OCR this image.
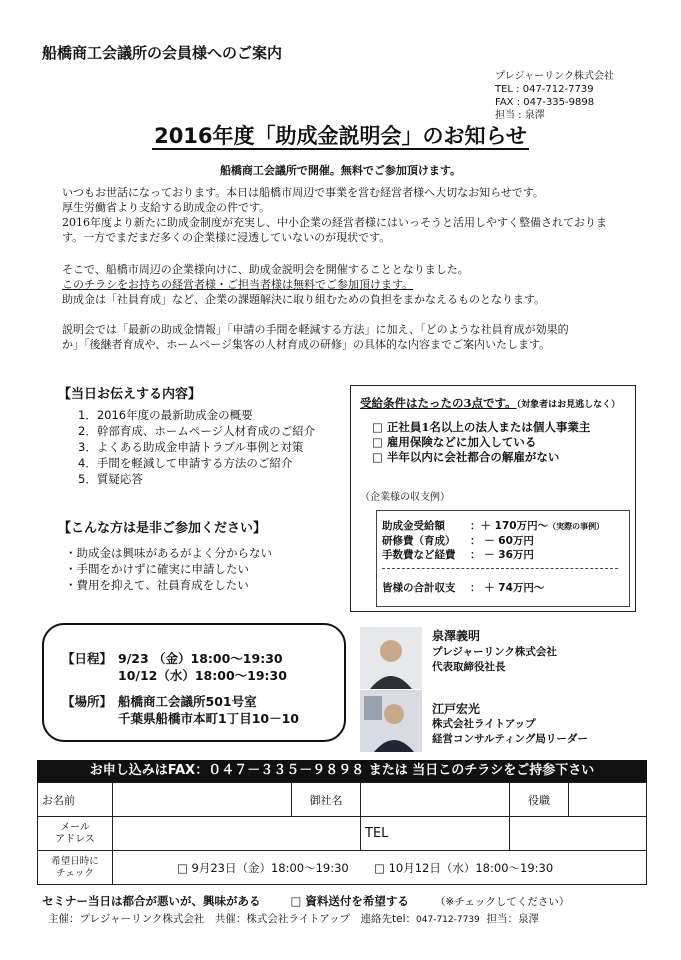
船橋商工会議所の会員様へのご案内
プレジャーリンク株式会社
TEL : 047-712-7739
FAX : 047-335-9898
担当 : 泉澤
2016年度「助成金説明会」のお知らせ
船橋商工会議所で開催。無料でご参加頂けます。
いつもお世話になっております。本日は船橋市周辺で事業を営む経営者様へ大切なお知らせです。
厚生労働省より支給する助成金の件です。
2016年度より新たに助成金制度が充実し、中小企業の経営者様にはいっそうと活用しやすく整備されておりま
す。一方でまだまだ多くの企業様に浸透していないのが現状です。
そこで、船橋市周辺の企業様向けに、助成金説明会を開催することとなりました。
このチラシをお持ちの経営者様・ご担当者様は無料でご参加頂けます。
助成金は「社員育成」など、企業の課題解決に取り組むための負担をまかなえるものとなります。
説明会では「最新の助成金情報」「申請の手間を軽減する方法」に加え、「どのような社員育成が効果的
か」「後継者育成や、ホームページ集客の人材育成の研修」の具体的な内容までご案内いたします。
【当日お伝えする内容】
1．2016年度の最新助成金の概要
2．幹部育成、ホームページ人材育成のご紹介
3．よくある助成金申請トラブル事例と対策
4．手間を軽減して申請する方法のご紹介
5．質疑応答
【こんな方は是非ご参加ください】
・助成金は興味があるがよく分からない
・手間をかけずに確実に申請したい
・費用を抑えて、社員育成をしたい
受給条件はたったの3点です。（対象者はお見逃しなく）
□ 正社員1名以上の法人または個人事業主
□ 雇用保険などに加入している
□ 半年以内に会社都合の解雇がない
（企業様の収支例）
助成金受給額 ：＋ 170万円～（実際の事例）
研修費（育成） ： － 60万円
手数費など経費 ： － 36万円
皆様の合計収支 ： ＋ 74万円～
【日程】 9/23 （金）18:00～19:30
10/12（水）18:00～19:30
【場所】 船橋商工会議所501号室
千葉県船橋市本町1丁目10－10
泉澤義明
プレジャーリンク株式会社
代表取締役社長
江戸宏光
株式会社ライトアップ
経営コンサルティング局リーダー
お申し込みはFAX：０４７－３３５－９８９８ または 当日このチラシをご持参下さい
お名前		御社名		役職	

メール
アドレス			TEL		

希望日時に
チェック	□ 9月23日（金）18:00～19:30 □ 10月12日（水）18:00～19:30				
セミナー当日は都合が悪いが、興味がある	□ 資料送付を希望する （※チェックしてください）
主催：プレジャーリンク株式会社　共催：株式会社ライトアップ　連絡先tel：047-712-7739 担当：泉澤
